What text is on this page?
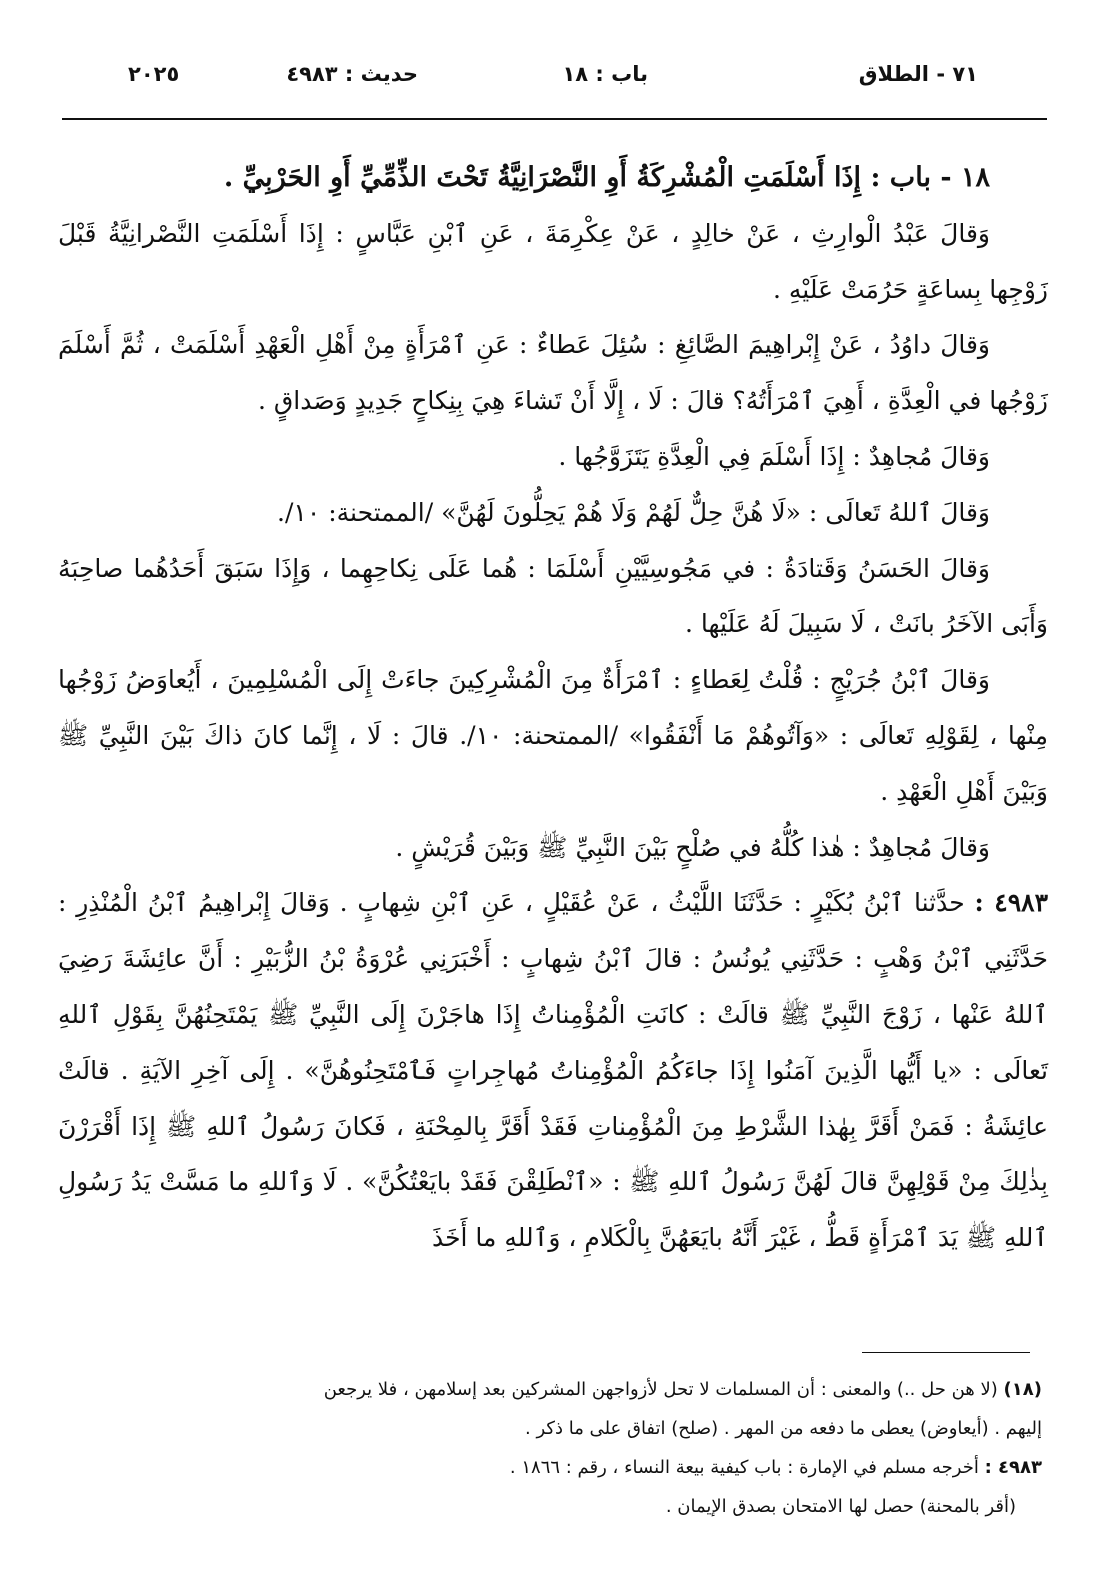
٧١ - الطلاق
باب : ١٨
حديث : ٤٩٨٣
٢٠٢٥

١٨ - باب : إِذَا أَسْلَمَتِ الْمُشْرِكَةُ أَوِ النَّصْرَانِيَّةُ تَحْتَ الذِّمِّيِّ أَوِ الحَرْبِيِّ .

وَقالَ عَبْدُ الْوارِثِ ، عَنْ خالِدٍ ، عَنْ عِكْرِمَةَ ، عَنِ ٱبْنِ عَبَّاسٍ : إِذَا أَسْلَمَتِ النَّصْرانِيَّةُ قَبْلَ زَوْجِها بِساعَةٍ حَرُمَتْ عَلَيْهِ .

وَقالَ داوُدُ ، عَنْ إِبْراهِيمَ الصَّائِغِ : سُئِلَ عَطاءٌ : عَنِ ٱمْرَأَةٍ مِنْ أَهْلِ الْعَهْدِ أَسْلَمَتْ ، ثُمَّ أَسْلَمَ زَوْجُها في الْعِدَّةِ ، أَهِيَ ٱمْرَأَتُهُ؟ قالَ : لَا ، إِلَّا أَنْ تَشاءَ هِيَ بِنِكاحٍ جَدِيدٍ وَصَداقٍ .

وَقالَ مُجاهِدٌ : إِذَا أَسْلَمَ فِي الْعِدَّةِ يَتَزَوَّجُها .

وَقالَ ٱللهُ تَعالَى : «لَا هُنَّ حِلٌّ لَهُمْ وَلَا هُمْ يَحِلُّونَ لَهُنَّ» /الممتحنة: ١٠/.

وَقالَ الحَسَنُ وَقَتادَةُ : في مَجُوسِيَّيْنِ أَسْلَمَا : هُما عَلَى نِكاحِهِما ، وَإِذَا سَبَقَ أَحَدُهُما صاحِبَهُ وَأَبَى الآخَرُ بانَتْ ، لَا سَبِيلَ لَهُ عَلَيْها .

وَقالَ ٱبْنُ جُرَيْجٍ : قُلْتُ لِعَطاءٍ : ٱمْرَأَةٌ مِنَ الْمُشْرِكِينَ جاءَتْ إِلَى الْمُسْلِمِينَ ، أَيُعاوَضُ زَوْجُها مِنْها ، لِقَوْلِهِ تَعالَى : «وَآتُوهُمْ مَا أَنْفَقُوا» /الممتحنة: ١٠/. قالَ : لَا ، إِنَّما كانَ ذاكَ بَيْنَ النَّبِيِّ ﷺ وَبَيْنَ أَهْلِ الْعَهْدِ .

وَقالَ مُجاهِدٌ : هٰذا كُلُّهُ في صُلْحٍ بَيْنَ النَّبِيِّ ﷺ وَبَيْنَ قُرَيْشٍ .

٤٩٨٣ : حدَّثنا ٱبْنُ بُكَيْرٍ : حَدَّثَنَا اللَّيْثُ ، عَنْ عُقَيْلٍ ، عَنِ ٱبْنِ شِهابٍ . وَقالَ إِبْراهِيمُ ٱبْنُ الْمُنْذِرِ : حَدَّثَنِي ٱبْنُ وَهْبٍ : حَدَّثَنِي يُونُسُ : قالَ ٱبْنُ شِهابٍ : أَخْبَرَنِي عُرْوَةُ بْنُ الزُّبَيْرِ : أَنَّ عائِشَةَ رَضِيَ ٱللهُ عَنْها ، زَوْجَ النَّبِيِّ ﷺ قالَتْ : كانَتِ الْمُؤْمِناتُ إِذَا هاجَرْنَ إِلَى النَّبِيِّ ﷺ يَمْتَحِنُهُنَّ بِقَوْلِ ٱللهِ تَعالَى : «يا أَيُّها الَّذِينَ آمَنُوا إِذَا جاءَكُمُ الْمُؤْمِناتُ مُهاجِراتٍ فَٱمْتَحِنُوهُنَّ» . إِلَى آخِرِ الآيَةِ . قالَتْ عائِشَةُ : فَمَنْ أَقَرَّ بِهٰذا الشَّرْطِ مِنَ الْمُؤْمِناتِ فَقَدْ أَقَرَّ بِالمِحْنَةِ ، فَكانَ رَسُولُ ٱللهِ ﷺ إِذَا أَقْرَرْنَ بِذٰلِكَ مِنْ قَوْلِهِنَّ قالَ لَهُنَّ رَسُولُ ٱللهِ ﷺ : «ٱنْطَلِقْنَ فَقَدْ بايَعْتُكُنَّ» . لَا وَٱللهِ ما مَسَّتْ يَدُ رَسُولِ ٱللهِ ﷺ يَدَ ٱمْرَأَةٍ قَطُّ ، غَيْرَ أَنَّهُ بايَعَهُنَّ بِالْكَلامِ ، وَٱللهِ ما أَخَذَ

(١٨) (لا هن حل ..) والمعنى : أن المسلمات لا تحل لأزواجهن المشركين بعد إسلامهن ، فلا يرجعن

إليهم . (أيعاوض) يعطى ما دفعه من المهر . (صلح) اتفاق على ما ذكر .

٤٩٨٣ : أخرجه مسلم في الإمارة : باب كيفية بيعة النساء ، رقم : ١٨٦٦ .

(أقر بالمحنة) حصل لها الامتحان بصدق الإيمان .
